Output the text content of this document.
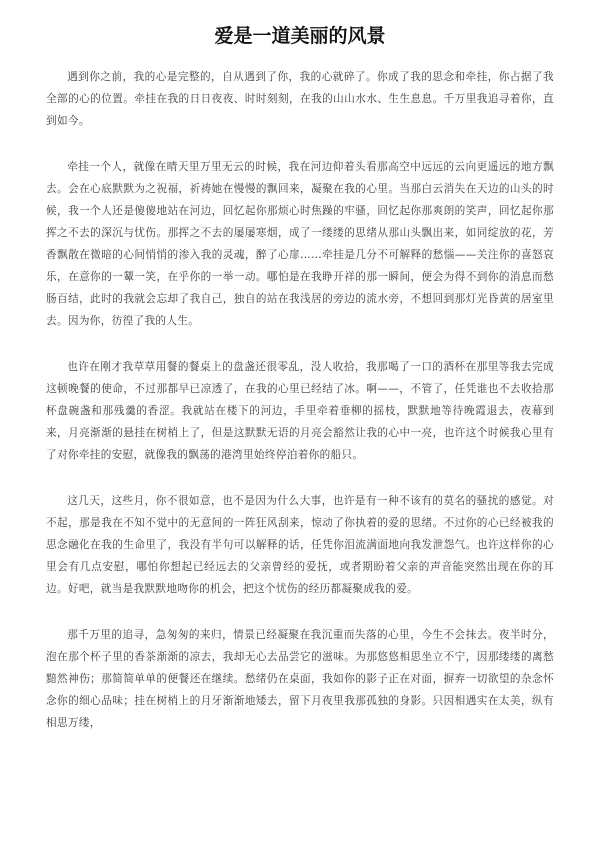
爱是一道美丽的风景

遇到你之前，我的心是完整的，自从遇到了你，我的心就碎了。你成了我的思念和牵挂，你占据了我全部的心的位置。牵挂在我的日日夜夜、时时刻刻，在我的山山水水、生生息息。千万里我追寻着你，直到如今。

牵挂一个人，就像在晴天里万里无云的时候，我在河边仰着头看那高空中远远的云向更遥远的地方飘去。会在心底默默为之祝福，祈祷她在慢慢的飘回来，凝聚在我的心里。当那白云消失在天边的山头的时候，我一个人还是傻傻地站在河边，回忆起你那烦心时焦躁的牢骚，回忆起你那爽朗的笑声，回忆起你那挥之不去的深沉与忧伤。那挥之不去的屡屡寒烟，成了一缕缕的思绪从那山头飘出来，如同绽放的花，芳香飘散在微暗的心间悄悄的渗入我的灵魂，醉了心扉……牵挂是几分不可解释的愁惱——关注你的喜怒哀乐，在意你的一颦一笑，在乎你的一举一动。哪怕是在我睁开祥的那一瞬间，便会为得不到你的消息而愁肠百结，此时的我就会忘却了我自己，独自的站在我浅居的旁边的流水旁，不想回到那灯光昏黄的居室里去。因为你，彷徨了我的人生。

也许在刚才我草草用餐的餐桌上的盘盏还很零乱，没人收拾，我那喝了一口的酒杯在那里等我去完成这顿晚餐的使命，不过那都早已凉透了，在我的心里已经结了冰。啊——，不管了，任凭谁也不去收拾那杯盘碗盏和那残羹的香涩。我就站在楼下的河边，手里牵着垂柳的摇枝，默默地等待晚霞退去，夜幕到来，月亮渐渐的悬挂在树梢上了，但是这默默无语的月亮会豁然让我的心中一亮，也许这个时候我心里有了对你牵挂的安慰，就像我的飘荡的港湾里始终停泊着你的船只。

这几天，这些月，你不很如意，也不是因为什么大事，也许是有一种不该有的莫名的骚扰的感觉。对不起，那是我在不知不觉中的无意间的一阵狂风刮来，惊动了你执着的爱的思绪。不过你的心已经被我的思念融化在我的生命里了，我没有半句可以解释的话，任凭你泪流满面地向我发泄怨气。也许这样你的心里会有几点安慰，哪怕你想起已经远去的父亲曾经的爱抚，或者期盼着父亲的声音能突然出现在你的耳边。好吧，就当是我默默地吻你的机会，把这个忧伤的经历都凝聚成我的爱。

那千万里的追寻，急匆匆的来归，情景已经凝聚在我沉重而失落的心里，今生不会抹去。夜半时分，泡在那个杯子里的香茶渐渐的凉去，我却无心去品尝它的滋味。为那悠悠相思坐立不宁，因那缕缕的离愁黯然神伤；那简简单单的便餐还在继续。愁绪仍在桌面，我如你的影子正在对面，摒弃一切欲望的杂念怀念你的细心品味；挂在树梢上的月牙渐渐地矮去，留下月夜里我那孤独的身影。只因相遇实在太美，纵有相思万缕，
